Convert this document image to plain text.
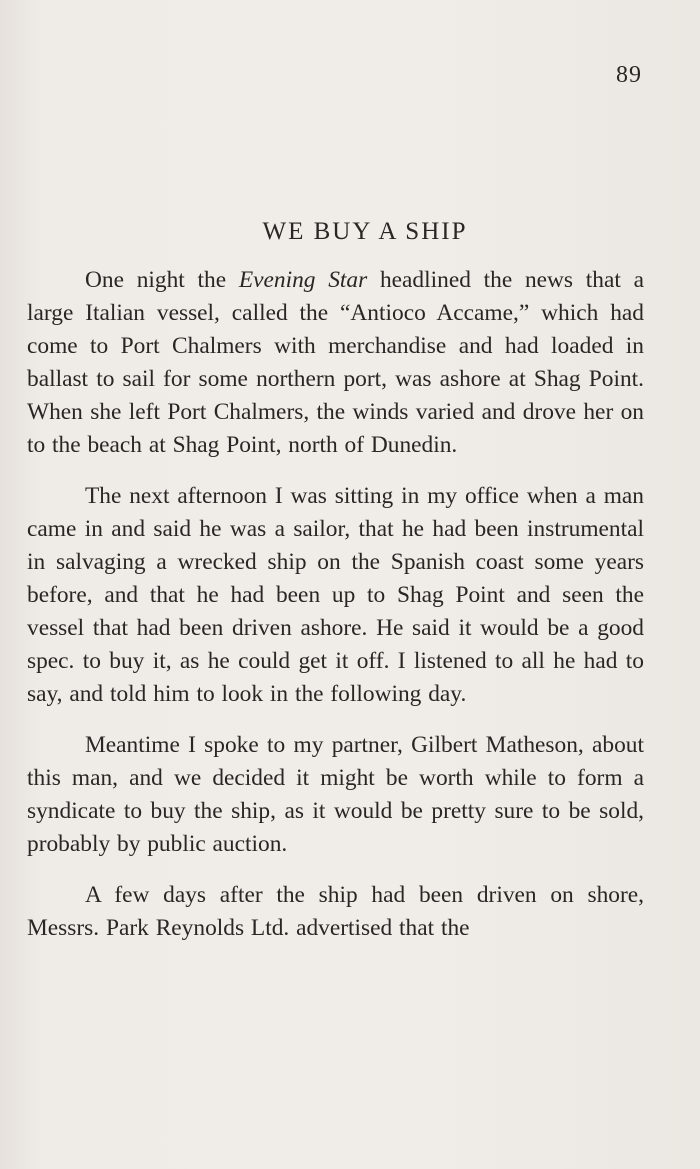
89
WE BUY A SHIP

One night the Evening Star headlined the news that a large Italian vessel, called the “Antioco Accame,” which had come to Port Chalmers with merchandise and had loaded in ballast to sail for some northern port, was ashore at Shag Point. When she left Port Chalmers, the winds varied and drove her on to the beach at Shag Point, north of Dunedin.

The next afternoon I was sitting in my office when a man came in and said he was a sailor, that he had been instrumental in salvaging a wrecked ship on the Spanish coast some years before, and that he had been up to Shag Point and seen the vessel that had been driven ashore. He said it would be a good spec. to buy it, as he could get it off. I listened to all he had to say, and told him to look in the following day.

Meantime I spoke to my partner, Gilbert Matheson, about this man, and we decided it might be worth while to form a syndicate to buy the ship, as it would be pretty sure to be sold, probably by public auction.

A few days after the ship had been driven on shore, Messrs. Park Reynolds Ltd. advertised that the
